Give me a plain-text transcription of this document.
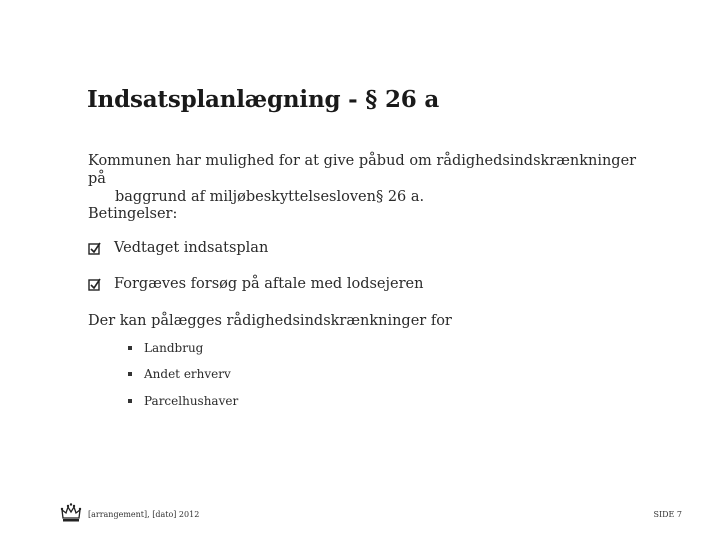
Indsatsplanlægning - § 26 a
Kommunen har mulighed for at give påbud om rådighedsindskrænkninger på
baggrund af miljøbeskyttelsesloven§ 26 a.
Betingelser:
Vedtaget indsatsplan
Forgæves forsøg på aftale med lodsejeren
Der kan pålægges rådighedsindskrænkninger for
Landbrug
Andet erhverv
Parcelhushaver
[arrangement], [dato] 2012	SIDE 7
